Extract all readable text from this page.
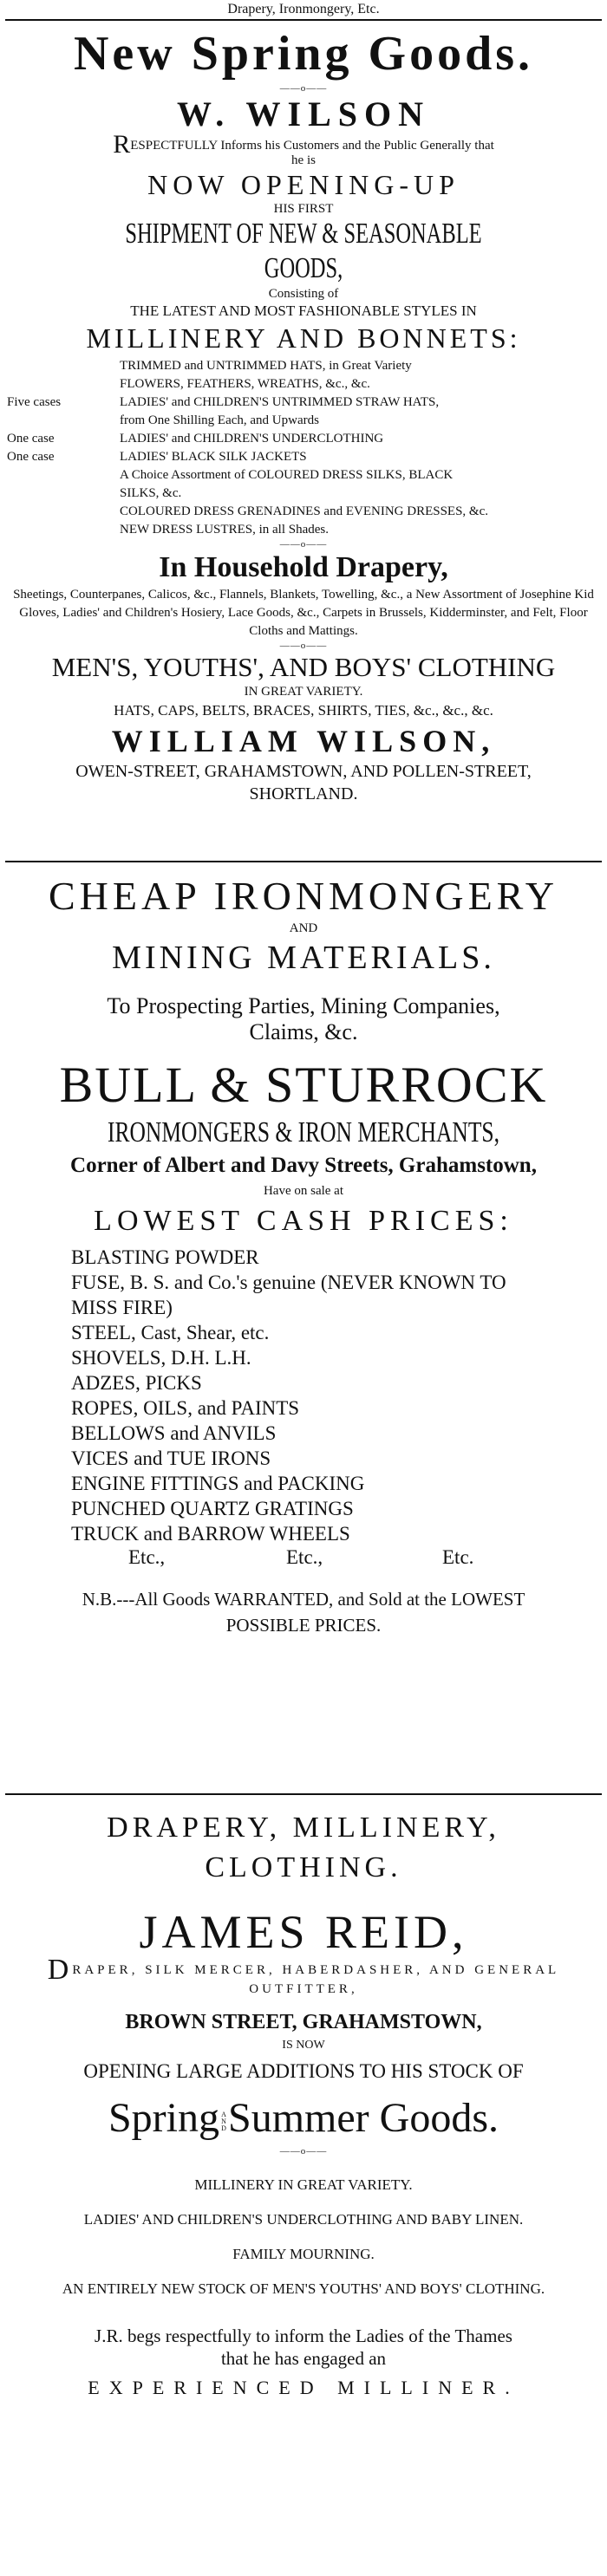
Drapery, Ironmongery, Etc.
New Spring Goods.
——o——
W. WILSON
RESPECTFULLY Informs his Customers and the Public Generally that
he is
NOW OPENING-UP
HIS FIRST
SHIPMENT OF NEW & SEASONABLE GOODS,
Consisting of
THE LATEST AND MOST FASHIONABLE STYLES IN
MILLINERY AND BONNETS:
TRIMMED and UNTRIMMED HATS, in Great Variety
FLOWERS, FEATHERS, WREATHS, &c., &c.
Five cases	LADIES' and CHILDREN'S UNTRIMMED STRAW HATS,
from One Shilling Each, and Upwards
One case	LADIES' and CHILDREN'S UNDERCLOTHING
One case	LADIES' BLACK SILK JACKETS
A Choice Assortment of COLOURED DRESS SILKS, BLACK
SILKS, &c.
COLOURED DRESS GRENADINES and EVENING DRESSES, &c.
NEW DRESS LUSTRES, in all Shades.
——o——
In Household Drapery,
Sheetings, Counterpanes, Calicos, &c., Flannels, Blankets, Towelling, &c., a New Assortment of Josephine Kid Gloves, Ladies' and Children's Hosiery, Lace Goods, &c., Carpets in Brussels, Kidderminster, and Felt, Floor Cloths and Mattings.
——o——
MEN'S, YOUTHS', AND BOYS' CLOTHING
IN GREAT VARIETY.
HATS, CAPS, BELTS, BRACES, SHIRTS, TIES, &c., &c., &c.
WILLIAM WILSON,
OWEN-STREET, GRAHAMSTOWN, AND POLLEN-STREET,
SHORTLAND.
CHEAP IRONMONGERY
AND
MINING MATERIALS.
To Prospecting Parties, Mining Companies,
Claims, &c.
BULL & STURROCK
IRONMONGERS & IRON MERCHANTS,
Corner of Albert and Davy Streets, Grahamstown,
Have on sale at
LOWEST CASH PRICES:
BLASTING POWDER
FUSE, B. S. and Co.'s genuine (NEVER KNOWN TO
MISS FIRE)
STEEL, Cast, Shear, etc.
SHOVELS, D.H. L.H.
ADZES, PICKS
ROPES, OILS, and PAINTS
BELLOWS and ANVILS
VICES and TUE IRONS
ENGINE FITTINGS and PACKING
PUNCHED QUARTZ GRATINGS
TRUCK and BARROW WHEELS
Etc.,	Etc.,	Etc.
N.B.---All Goods WARRANTED, and Sold at the LOWEST
POSSIBLE PRICES.
DRAPERY, MILLINERY,
CLOTHING.
JAMES REID,
DRAPER, SILK MERCER, HABERDASHER, AND GENERAL
OUTFITTER,
BROWN STREET, GRAHAMSTOWN,
IS NOW
OPENING LARGE ADDITIONS TO HIS STOCK OF
Spring ANDSummer Goods.
——o——
MILLINERY IN GREAT VARIETY.
LADIES' AND CHILDREN'S UNDERCLOTHING AND BABY LINEN.
FAMILY MOURNING.
AN ENTIRELY NEW STOCK OF MEN'S YOUTHS' AND BOYS' CLOTHING.
J.R. begs respectfully to inform the Ladies of the Thames
that he has engaged an
EXPERIENCED MILLINER.
